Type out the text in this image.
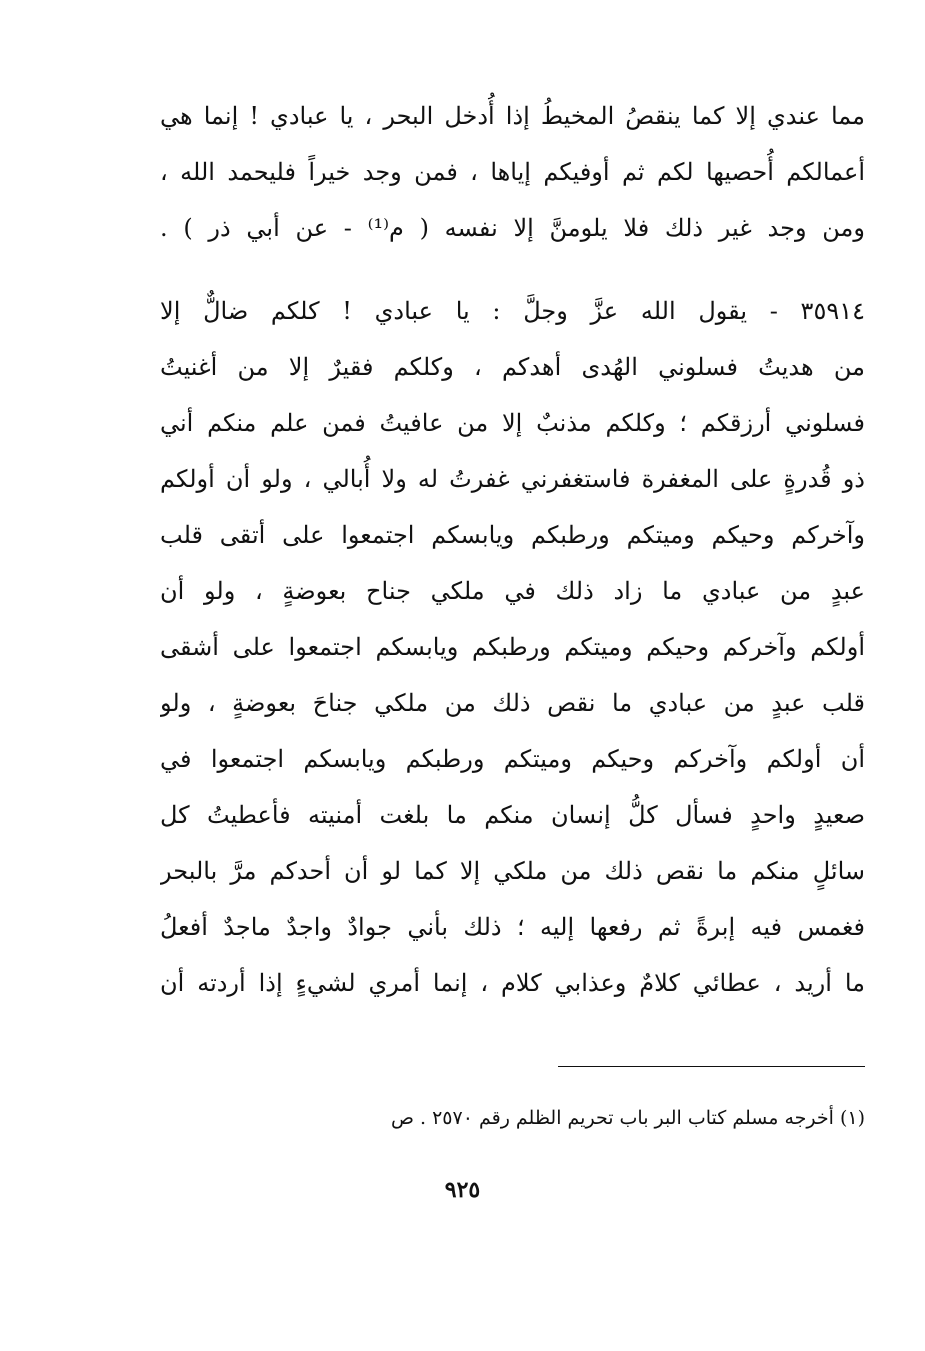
مما عندي إلا كما ينقصُ المخيطُ إذا أُدخل البحر ، يا عبادي ! إنما هي
أعمالكم أُحصيها لكم ثم أوفيكم إياها ، فمن وجد خيراً فليحمد الله ،
ومن وجد غير ذلك فلا يلومنَّ إلا نفسه ( م⁽¹⁾ - عن أبي ذر ) .
٣٥٩١٤ - يقول الله عزَّ وجلَّ : يا عبادي ! كلكم ضالٌّ إلا
من هديتُ فسلوني الهُدى أهدكم ، وكلكم فقيرٌ إلا من أغنيتُ
فسلوني أرزقكم ؛ وكلكم مذنبٌ إلا من عافيتُ فمن علم منكم أني
ذو قُدرةٍ على المغفرة فاستغفرني غفرتُ له ولا أُبالي ، ولو أن أولكم
وآخركم وحيكم وميتكم ورطبكم ويابسكم اجتمعوا على أتقى قلب
عبدٍ من عبادي ما زاد ذلك في ملكي جناح بعوضةٍ ، ولو أن
أولكم وآخركم وحيكم وميتكم ورطبكم ويابسكم اجتمعوا على أشقى
قلب عبدٍ من عبادي ما نقص ذلك من ملكي جناحَ بعوضةٍ ، ولو
أن أولكم وآخركم وحيكم وميتكم ورطبكم ويابسكم اجتمعوا في
صعيدٍ واحدٍ فسأل كلُّ إنسان منكم ما بلغت أمنيته فأعطيتُ كل
سائلٍ منكم ما نقص ذلك من ملكي إلا كما لو أن أحدكم مرَّ بالبحر
فغمس فيه إبرةً ثم رفعها إليه ؛ ذلك بأني جوادٌ واجدٌ ماجدٌ أفعلُ
ما أريد ، عطائي كلامٌ وعذابي كلام ، إنما أمري لشيءٍ إذا أردته أن
(١) أخرجه مسلم كتاب البر باب تحريم الظلم رقم ٢٥٧٠ . ص
٩٢٥
